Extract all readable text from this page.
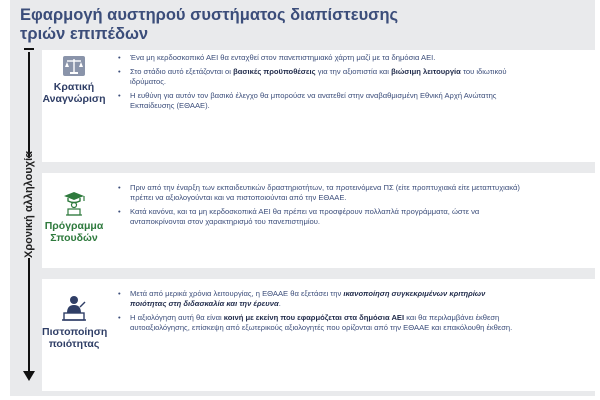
Εφαρμογή αυστηρού συστήματος διαπίστευσης τριών επιπέδων
Χρονική αλληλουχία
Κρατική Αναγνώριση
• Ένα μη κερδοσκοπικό ΑΕΙ θα ενταχθεί στον πανεπιστημιακό χάρτη μαζί με τα δημόσια ΑΕΙ.
• Στο στάδιο αυτό εξετάζονται οι βασικές προϋποθέσεις για την αξιοπιστία και βιώσιμη λειτουργία του ιδιωτικού ιδρύματος.
• Η ευθύνη για αυτόν τον βασικό έλεγχο θα μπορούσε να ανατεθεί στην αναβαθμισμένη Εθνική Αρχή Ανώτατης Εκπαίδευσης (ΕΘΑΑΕ).
Πρόγραμμα Σπουδών
• Πριν από την έναρξη των εκπαιδευτικών δραστηριοτήτων, τα προτεινόμενα ΠΣ (είτε προπτυχιακά είτε μεταπτυχιακά) πρέπει να αξιολογούνται και να πιστοποιούνται από την ΕΘΑΑΕ.
• Κατά κανόνα, και τα μη κερδοσκοπικά ΑΕΙ θα πρέπει να προσφέρουν πολλαπλά προγράμματα, ώστε να ανταποκρίνονται στον χαρακτηρισμό του πανεπιστημίου.
Πιστοποίηση ποιότητας
• Μετά από μερικά χρόνια λειτουργίας, η ΕΘΑΑΕ θα εξετάσει την ικανοποίηση συγκεκριμένων κριτηρίων ποιότητας στη διδασκαλία και την έρευνα.
• Η αξιολόγηση αυτή θα είναι κοινή με εκείνη που εφαρμόζεται στα δημόσια ΑΕΙ και θα περιλαμβάνει έκθεση αυτοαξιολόγησης, επίσκεψη από εξωτερικούς αξιολογητές που ορίζονται από την ΕΘΑΑΕ και επακόλουθη έκθεση.
